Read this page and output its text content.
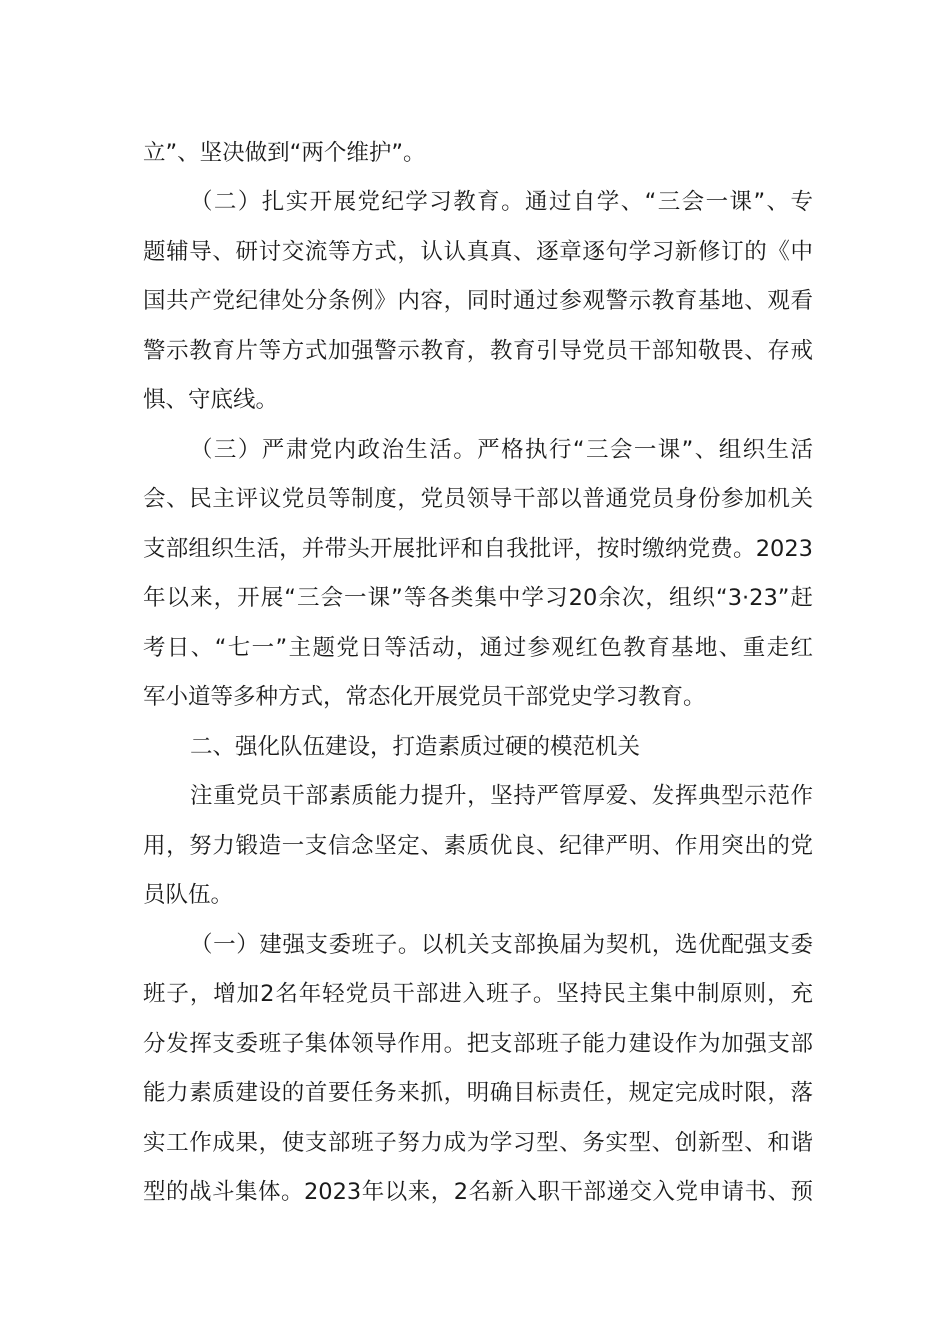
立”、坚决做到“两个维护”。
（二）扎实开展党纪学习教育。通过自学、“三会一课”、专
题辅导、研讨交流等方式，认认真真、逐章逐句学习新修订的《中
国共产党纪律处分条例》内容，同时通过参观警示教育基地、观看
警示教育片等方式加强警示教育，教育引导党员干部知敬畏、存戒
惧、守底线。
（三）严肃党内政治生活。严格执行“三会一课”、组织生活
会、民主评议党员等制度，党员领导干部以普通党员身份参加机关
支部组织生活，并带头开展批评和自我批评，按时缴纳党费。2023
年以来，开展“三会一课”等各类集中学习20余次，组织“3·23”赶
考日、“七一”主题党日等活动，通过参观红色教育基地、重走红
军小道等多种方式，常态化开展党员干部党史学习教育。
二、强化队伍建设，打造素质过硬的模范机关
注重党员干部素质能力提升，坚持严管厚爱、发挥典型示范作
用，努力锻造一支信念坚定、素质优良、纪律严明、作用突出的党
员队伍。
（一）建强支委班子。以机关支部换届为契机，选优配强支委
班子，增加2名年轻党员干部进入班子。坚持民主集中制原则，充
分发挥支委班子集体领导作用。把支部班子能力建设作为加强支部
能力素质建设的首要任务来抓，明确目标责任，规定完成时限，落
实工作成果，使支部班子努力成为学习型、务实型、创新型、和谐
型的战斗集体。2023年以来，2名新入职干部递交入党申请书、预
